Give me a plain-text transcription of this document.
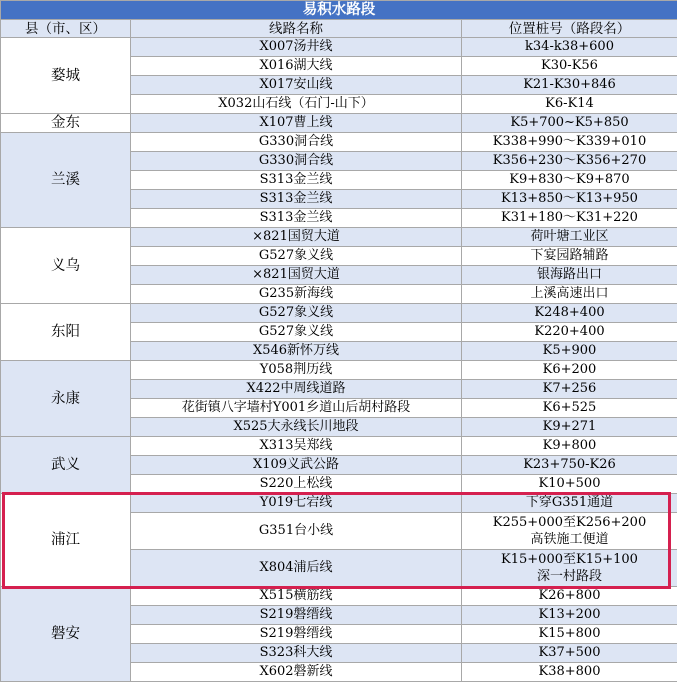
易积水路段		
县（市、区）	线路名称	位置桩号（路段名）
婺城	X007汤井线	k34-k38+600

	X016湖大线	K30-K56

	X017安山线	K21-K30+846

	X032山石线（石门-山下）	K6-K14

金东	X107曹上线	K5+700~K5+850

兰溪	G330洞合线	K338+990～K339+010

	G330洞合线	K356+230～K356+270

	S313金兰线	K9+830～K9+870

	S313金兰线	K13+850～K13+950

	S313金兰线	K31+180～K31+220

义乌	×821国贸大道	荷叶塘工业区

	G527象义线	下宴园路辅路

	×821国贸大道	银海路出口

	G235新海线	上溪高速出口

东阳	G527象义线	K248+400

	G527象义线	K220+400

	X546新怀万线	K5+900

永康	Y058荆历线	K6+200

	X422中周线道路	K7+256

	花街镇八字墙村Y001乡道山后胡村路段	K6+525

	X525大永线长川地段	K9+271

武义	X313吴郑线	K9+800

	X109义武公路	K23+750-K26

	S220上松线	K10+500

浦江	Y019七宕线	下穿G351通道

	G351台小线	K255+000至K256+200
高铁施工便道

	X804浦后线	K15+000至K15+100
深一村路段

磐安	X515横筋线	K26+800

	S219磐缙线	K13+200

	S219磐缙线	K15+800

	S323科大线	K37+500

	X602磐新线	K38+800
